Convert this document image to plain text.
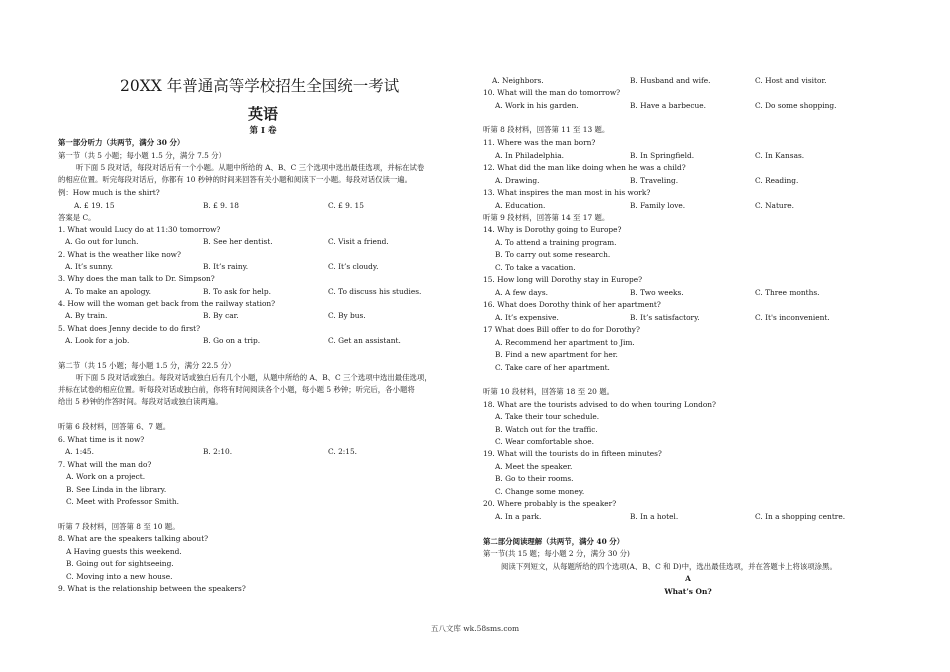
20XX 年普通高等学校招生全国统一考试
英语
第 I 卷
第一部分听力（共两节，满分 30 分）
第一节（共 5 小题；每小题 1.5 分，满分 7.5 分）
听下面 5 段对话，每段对话后有一个小题。从题中所给的 A、B、C 三个选项中选出最佳选项，并标在试卷
的相应位置。听完每段对话后，你都有 10 秒钟的时间来回答有关小题和阅读下一小题。每段对话仅读一遍。
例：How much is the shirt?
A. £ 19. 15	B. £ 9. 18	C. £ 9. 15
答案是 C。
1. What would Lucy do at 11:30 tomorrow?
A. Go out for lunch.	B. See her dentist.	C. Visit a friend.
2. What is the weather like now?
A. It’s sunny.	B. It’s rainy.	C. It’s cloudy.
3. Why does the man talk to Dr. Simpson?
A. To make an apology.	B. To ask for help.	C. To discuss his studies.
4. How will the woman get back from the railway station?
A. By train.	B. By car.	C. By bus.
5. What does Jenny decide to do first?
A. Look for a job.	B. Go on a trip.	C. Get an assistant.
第二节（共 15 小题；每小题 1.5 分，满分 22.5 分）
听下面 5 段对话或独白。每段对话或独白后有几个小题，从题中所给的 A、B、C 三个选项中选出最佳选项，
并标在试卷的相应位置。听每段对话或独白前，你将有时间阅读各个小题，每小题 5 秒钟；听完后，各小题将
给出 5 秒钟的作答时间。每段对话或独白读两遍。
听第 6 段材料，回答第 6、7 题。
6. What time is it now?
A. 1:45.	B. 2:10.	C. 2:15.
7. What will the man do?
A. Work on a project.
B. See Linda in the library.
C. Meet with Professor Smith.
听第 7 段材料，回答第 8 至 10 题。
8. What are the speakers talking about?
A Having guests this weekend.
B. Going out for sightseeing.
C. Moving into a new house.
9. What is the relationship between the speakers?
A. Neighbors.	B. Husband and wife.	C. Host and visitor.
10. What will the man do tomorrow?
A. Work in his garden.	B. Have a barbecue.	C. Do some shopping.
听第 8 段材料，回答第 11 至 13 题。
11. Where was the man born?
A. In Philadelphia.	B. In Springfield.	C. In Kansas.
12. What did the man like doing when he was a child?
A. Drawing.	B. Traveling.	C. Reading.
13. What inspires the man most in his work?
A. Education.	B. Family love.	C. Nature.
听第 9 段材料，回答第 14 至 17 题。
14. Why is Dorothy going to Europe?
A. To attend a training program.
B. To carry out some research.
C. To take a vacation.
15. How long will Dorothy stay in Europe?
A. A few days.	B. Two weeks.	C. Three months.
16. What does Dorothy think of her apartment?
A. It’s expensive.	B. It’s satisfactory.	C. It's inconvenient.
17 What does Bill offer to do for Dorothy?
A. Recommend her apartment to Jim.
B. Find a new apartment for her.
C. Take care of her apartment.
听第 10 段材料，回答第 18 至 20 题。
18. What are the tourists advised to do when touring London?
A. Take their tour schedule.
B. Watch out for the traffic.
C. Wear comfortable shoe.
19. What will the tourists do in fifteen minutes?
A. Meet the speaker.
B. Go to their rooms.
C. Change some money.
20. Where probably is the speaker?
A. In a park.	B. In a hotel.	C. In a shopping centre.
第二部分阅读理解（共两节，满分 40 分）
第一节(共 15 题；每小题 2 分，满分 30 分)
阅读下列短文，从每题所给的四个选项(A、B、C 和 D)中，选出最佳选项，并在答题卡上将该项涂黑。
A
What’s On?
五八文库 wk.58sms.com
